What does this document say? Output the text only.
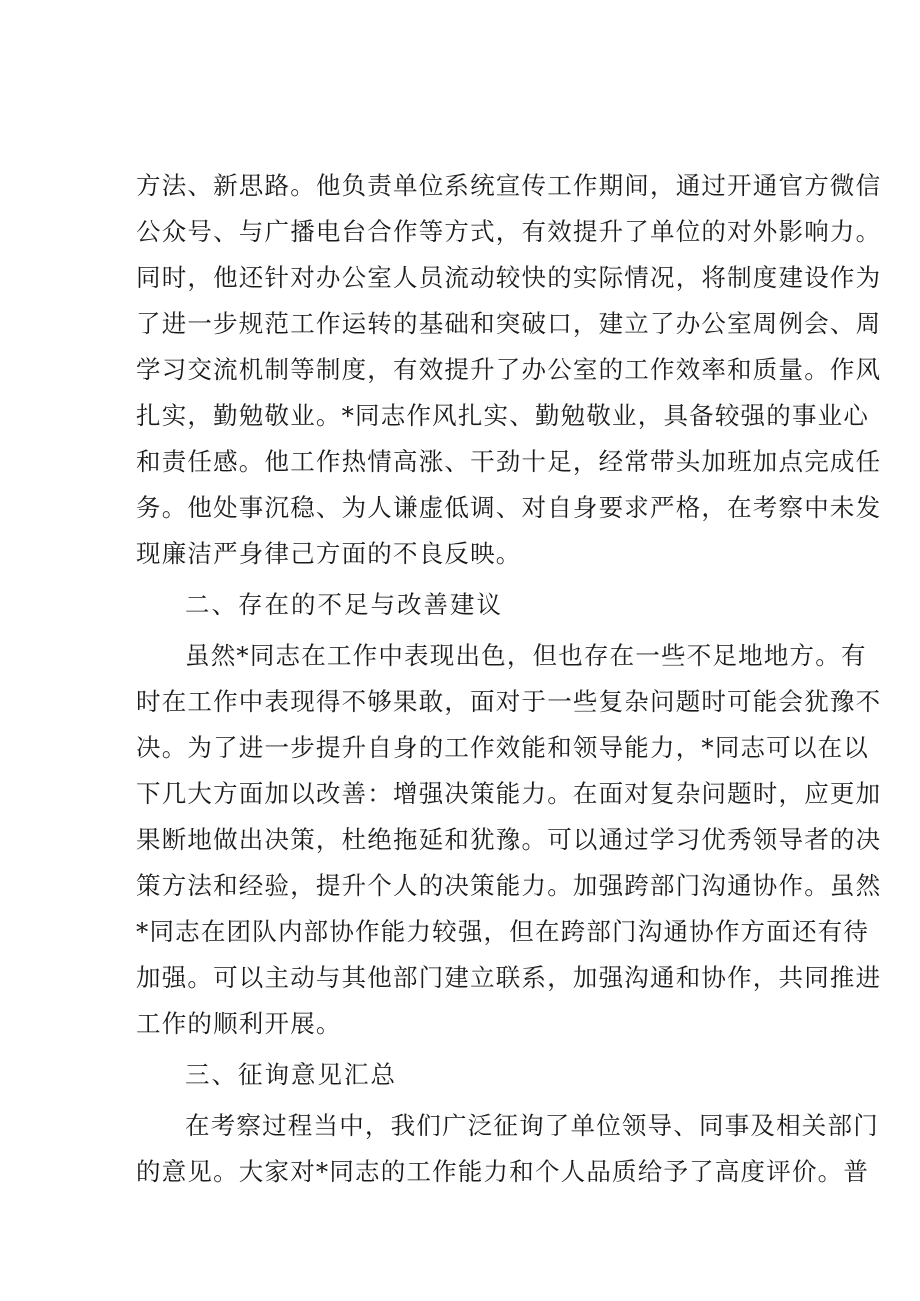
方法、新思路。他负责单位系统宣传工作期间，通过开通官方微信
公众号、与广播电台合作等方式，有效提升了单位的对外影响力。
同时，他还针对办公室人员流动较快的实际情况，将制度建设作为
了进一步规范工作运转的基础和突破口，建立了办公室周例会、周
学习交流机制等制度，有效提升了办公室的工作效率和质量。作风
扎实，勤勉敬业。*同志作风扎实、勤勉敬业，具备较强的事业心
和责任感。他工作热情高涨、干劲十足，经常带头加班加点完成任
务。他处事沉稳、为人谦虚低调、对自身要求严格，在考察中未发
现廉洁严身律己方面的不良反映。
二、存在的不足与改善建议
虽然*同志在工作中表现出色，但也存在一些不足地地方。有
时在工作中表现得不够果敢，面对于一些复杂问题时可能会犹豫不
决。为了进一步提升自身的工作效能和领导能力，*同志可以在以
下几大方面加以改善：增强决策能力。在面对复杂问题时，应更加
果断地做出决策，杜绝拖延和犹豫。可以通过学习优秀领导者的决
策方法和经验，提升个人的决策能力。加强跨部门沟通协作。虽然
*同志在团队内部协作能力较强，但在跨部门沟通协作方面还有待
加强。可以主动与其他部门建立联系，加强沟通和协作，共同推进
工作的顺利开展。
三、征询意见汇总
在考察过程当中，我们广泛征询了单位领导、同事及相关部门
的意见。大家对*同志的工作能力和个人品质给予了高度评价。普
